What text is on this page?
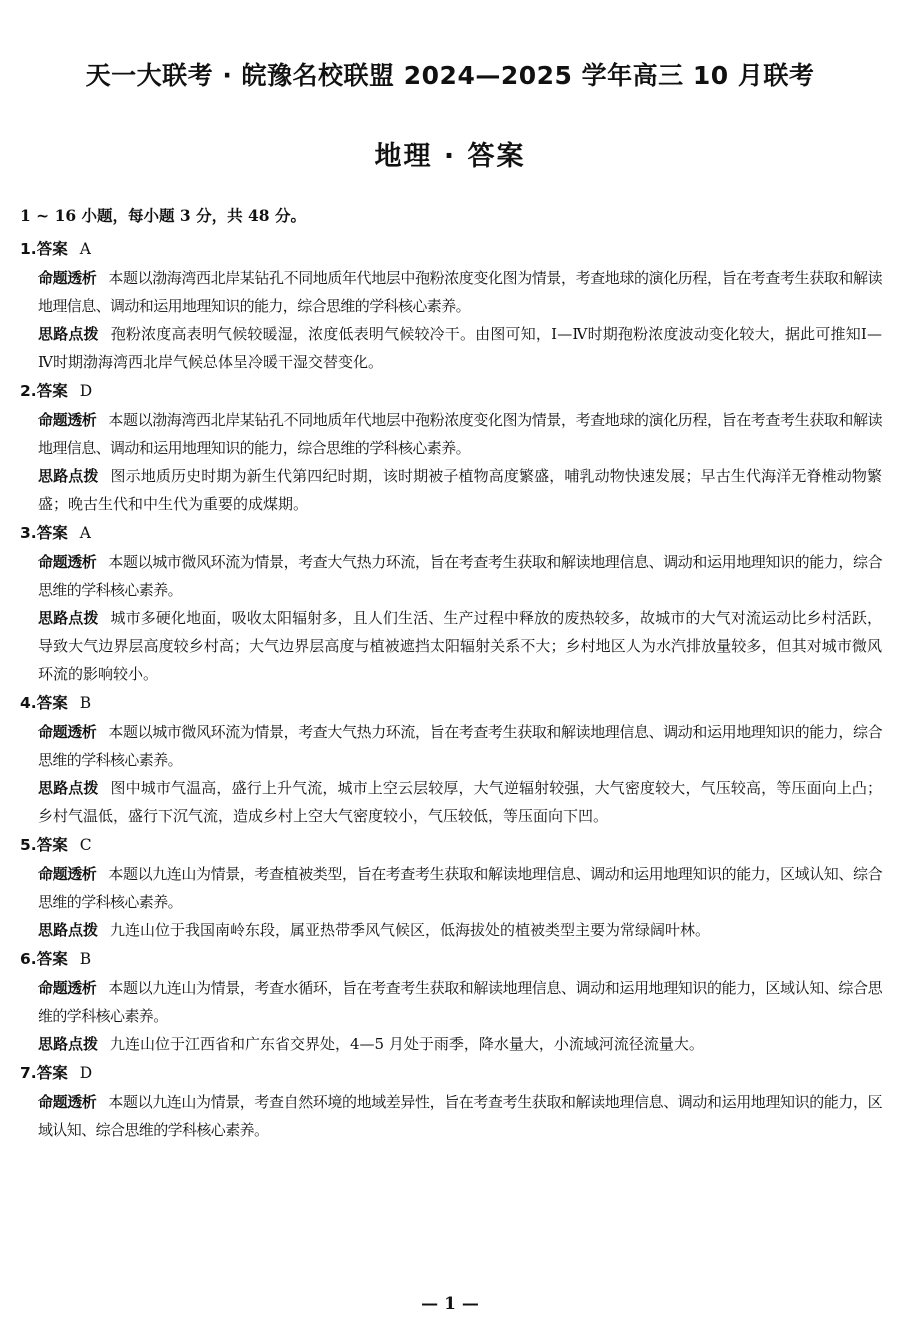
天一大联考 · 皖豫名校联盟 2024—2025 学年高三 10 月联考
地理 · 答案
1 ~ 16 小题，每小题 3 分，共 48 分。
1.答案 A

命题透析 本题以渤海湾西北岸某钻孔不同地质年代地层中孢粉浓度变化图为情景，考查地球的演化历程，旨在考查考生获取和解读地理信息、调动和运用地理知识的能力，综合思维的学科核心素养。

思路点拨 孢粉浓度高表明气候较暖湿，浓度低表明气候较冷干。由图可知，Ⅰ—Ⅳ时期孢粉浓度波动变化较大，据此可推知Ⅰ—Ⅳ时期渤海湾西北岸气候总体呈冷暖干湿交替变化。

2.答案 D

命题透析 本题以渤海湾西北岸某钻孔不同地质年代地层中孢粉浓度变化图为情景，考查地球的演化历程，旨在考查考生获取和解读地理信息、调动和运用地理知识的能力，综合思维的学科核心素养。

思路点拨 图示地质历史时期为新生代第四纪时期，该时期被子植物高度繁盛，哺乳动物快速发展；早古生代海洋无脊椎动物繁盛；晚古生代和中生代为重要的成煤期。

3.答案 A

命题透析 本题以城市微风环流为情景，考查大气热力环流，旨在考查考生获取和解读地理信息、调动和运用地理知识的能力，综合思维的学科核心素养。

思路点拨 城市多硬化地面，吸收太阳辐射多，且人们生活、生产过程中释放的废热较多，故城市的大气对流运动比乡村活跃，导致大气边界层高度较乡村高；大气边界层高度与植被遮挡太阳辐射关系不大；乡村地区人为水汽排放量较多，但其对城市微风环流的影响较小。

4.答案 B

命题透析 本题以城市微风环流为情景，考查大气热力环流，旨在考查考生获取和解读地理信息、调动和运用地理知识的能力，综合思维的学科核心素养。

思路点拨 图中城市气温高，盛行上升气流，城市上空云层较厚，大气逆辐射较强，大气密度较大，气压较高，等压面向上凸；乡村气温低，盛行下沉气流，造成乡村上空大气密度较小，气压较低，等压面向下凹。

5.答案 C

命题透析 本题以九连山为情景，考查植被类型，旨在考查考生获取和解读地理信息、调动和运用地理知识的能力，区域认知、综合思维的学科核心素养。

思路点拨 九连山位于我国南岭东段，属亚热带季风气候区，低海拔处的植被类型主要为常绿阔叶林。

6.答案 B

命题透析 本题以九连山为情景，考查水循环，旨在考查考生获取和解读地理信息、调动和运用地理知识的能力，区域认知、综合思维的学科核心素养。

思路点拨 九连山位于江西省和广东省交界处，4—5 月处于雨季，降水量大，小流域河流径流量大。

7.答案 D

命题透析 本题以九连山为情景，考查自然环境的地域差异性，旨在考查考生获取和解读地理信息、调动和运用地理知识的能力，区域认知、综合思维的学科核心素养。

— 1 —
